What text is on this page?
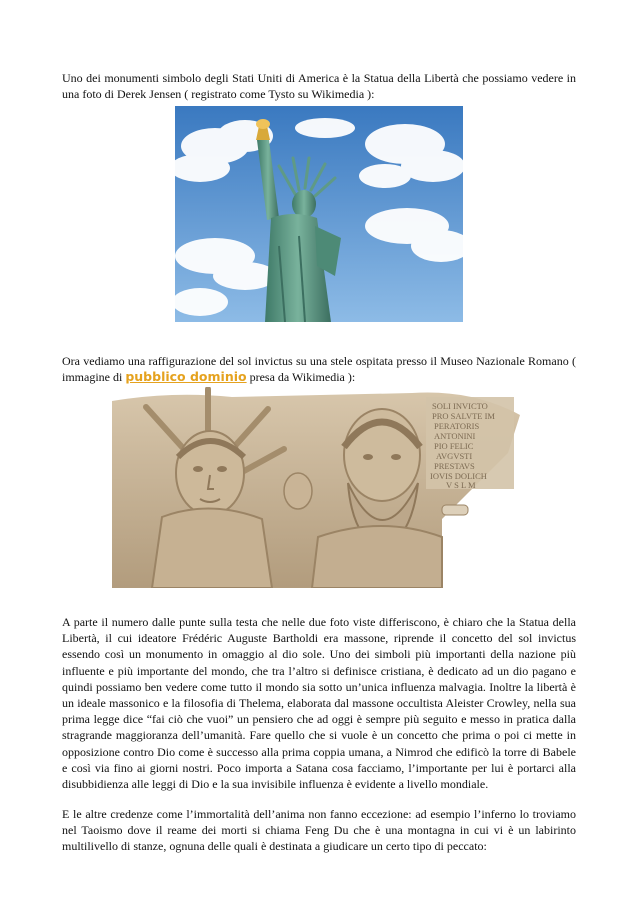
Uno dei monumenti simbolo degli Stati Uniti di America è la Statua della Libertà che possiamo vedere in una foto di Derek Jensen ( registrato come Tysto su Wikimedia ):

Ora vediamo una raffigurazione del sol invictus su una stele ospitata presso il Museo Nazionale Romano ( immagine di pubblico dominio presa da Wikimedia ):

SOLI INVICTO
PRO SALVTE IM
PERATORIS
ANTONINI
PIO FELIC
AVGVSTI
PRESTAVS
IOVIS DOLICH
V S L M

A parte il numero dalle punte sulla testa che nelle due foto viste differiscono, è chiaro che la Statua della Libertà, il cui ideatore Frédéric Auguste Bartholdi era massone, riprende il concetto del sol invictus essendo così un monumento in omaggio al dio sole. Uno dei simboli più importanti della nazione più influente e più importante del mondo, che tra l’altro si definisce cristiana, è dedicato ad un dio pagano e quindi possiamo ben vedere come tutto il mondo sia sotto un’unica influenza malvagia. Inoltre la libertà è un ideale massonico e la filosofia di Thelema, elaborata dal massone occultista Aleister Crowley, nella sua prima legge dice “fai ciò che vuoi” un pensiero che ad oggi è sempre più seguito e messo in pratica dalla stragrande maggioranza dell’umanità. Fare quello che si vuole è un concetto che prima o poi ci mette in opposizione contro Dio come è successo alla prima coppia umana, a Nimrod che edificò la torre di Babele e così via fino ai giorni nostri. Poco importa a Satana cosa facciamo, l’importante per lui è portarci alla disubbidienza alle leggi di Dio e la sua invisibile influenza è evidente a livello mondiale.

E le altre credenze come l’immortalità dell’anima non fanno eccezione: ad esempio l’inferno lo troviamo nel Taoismo dove il reame dei morti si chiama Feng Du che è una montagna in cui vi è un labirinto multilivello di stanze, ognuna delle quali è destinata a giudicare un certo tipo di peccato:
